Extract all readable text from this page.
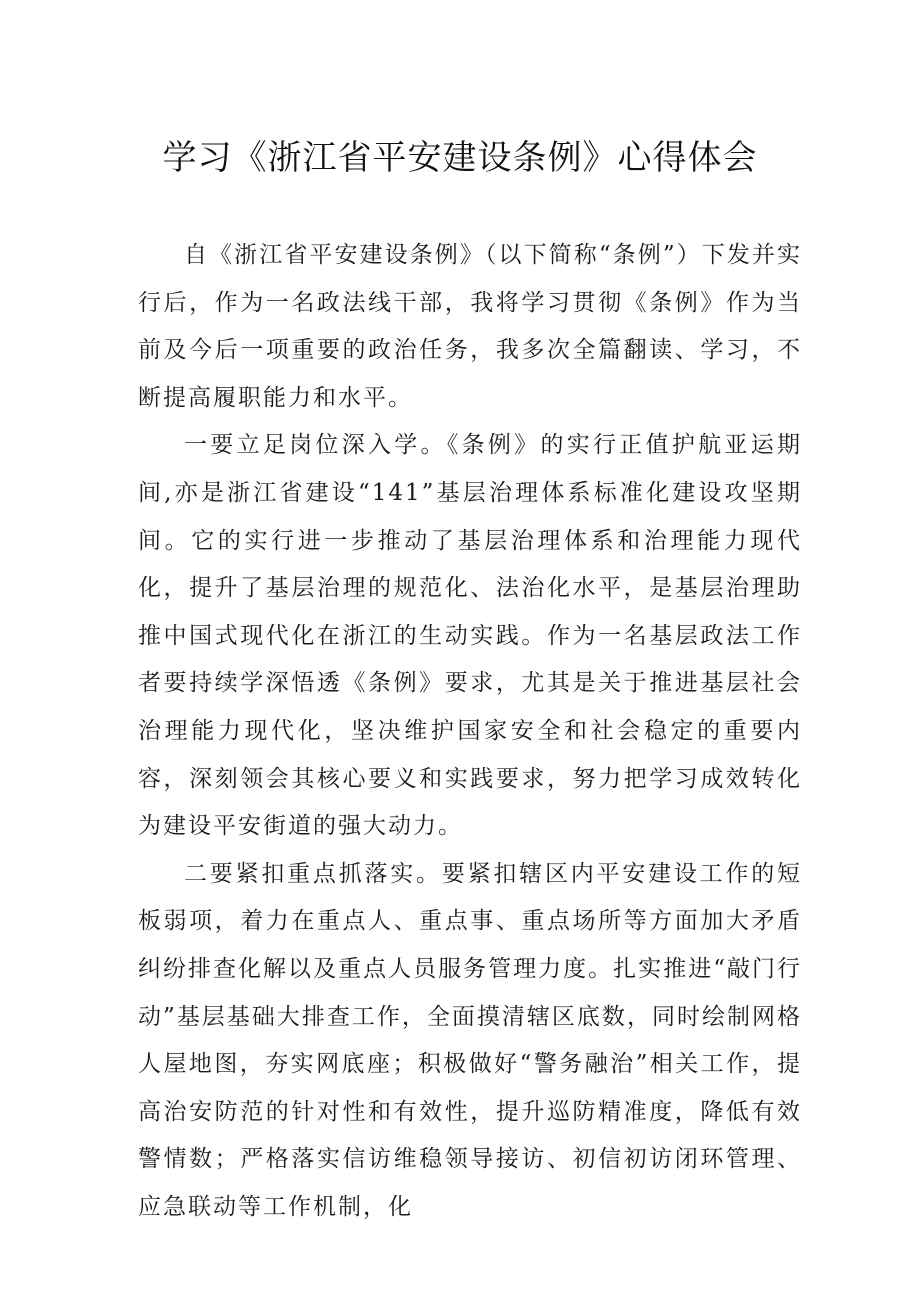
学习《浙江省平安建设条例》心得体会

自《浙江省平安建设条例》（以下简称“条例”）下发并实行后，作为一名政法线干部，我将学习贯彻《条例》作为当前及今后一项重要的政治任务，我多次全篇翻读、学习，不断提高履职能力和水平。

一要立足岗位深入学。《条例》的实行正值护航亚运期间,亦是浙江省建设“141”基层治理体系标准化建设攻坚期间。它的实行进一步推动了基层治理体系和治理能力现代化，提升了基层治理的规范化、法治化水平，是基层治理助推中国式现代化在浙江的生动实践。作为一名基层政法工作者要持续学深悟透《条例》要求，尤其是关于推进基层社会治理能力现代化，坚决维护国家安全和社会稳定的重要内容，深刻领会其核心要义和实践要求，努力把学习成效转化为建设平安街道的强大动力。

二要紧扣重点抓落实。要紧扣辖区内平安建设工作的短板弱项，着力在重点人、重点事、重点场所等方面加大矛盾纠纷排查化解以及重点人员服务管理力度。扎实推进“敲门行动”基层基础大排查工作，全面摸清辖区底数，同时绘制网格人屋地图，夯实网底座；积极做好“警务融治”相关工作，提高治安防范的针对性和有效性，提升巡防精准度，降低有效警情数；严格落实信访维稳领导接访、初信初访闭环管理、应急联动等工作机制，化
